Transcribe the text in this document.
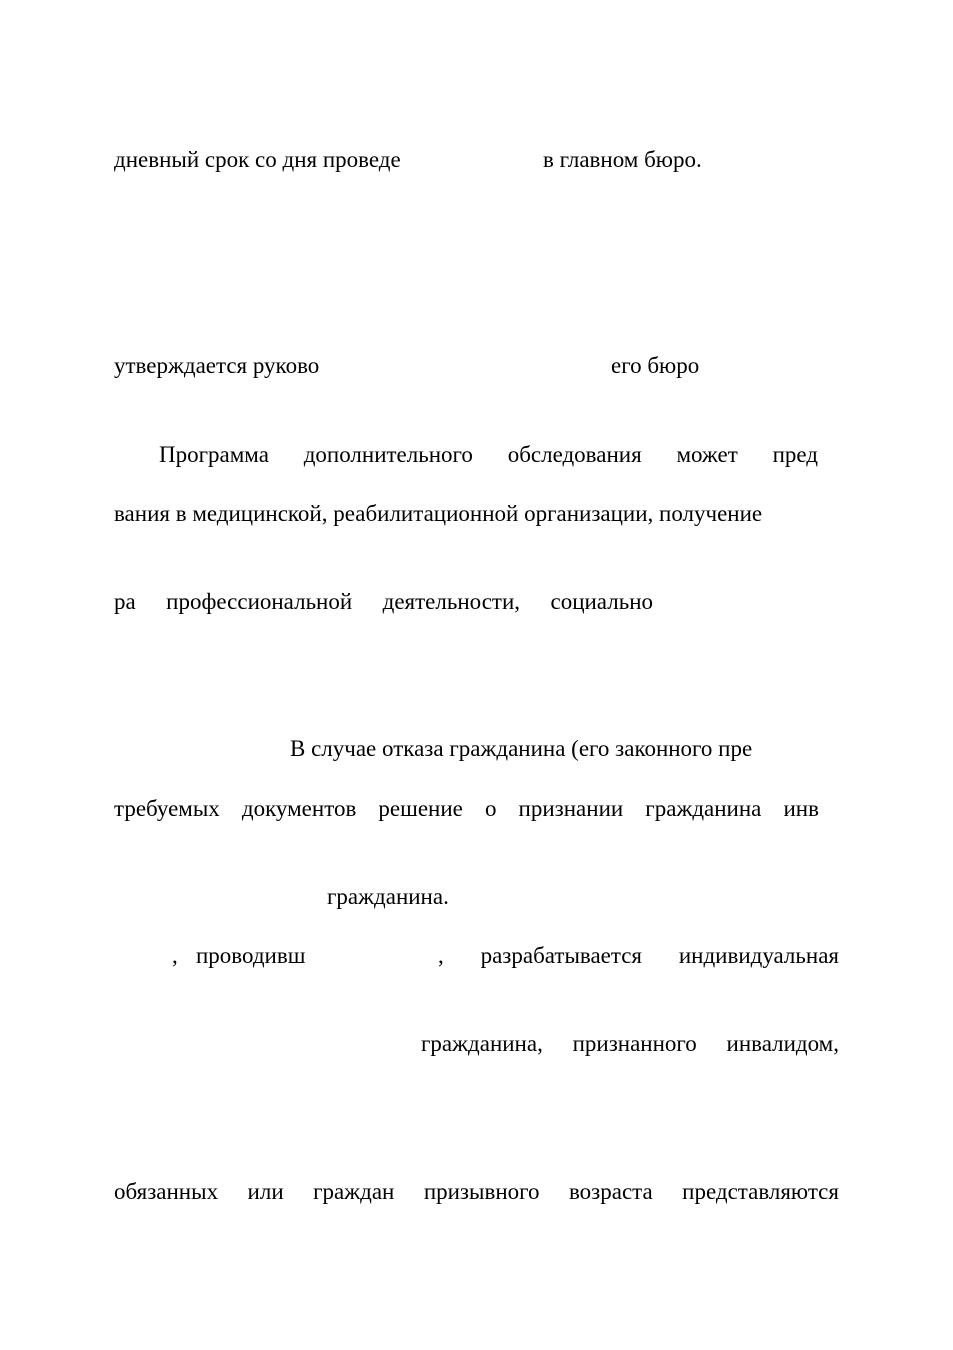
дневный срок со дня проведе	в главном бюро.
утверждается руково	его бюро
Программа дополнительного обследования может пред
вания в медицинской, реабилитационной организации, получение
ра профессиональной деятельности, социально
В случае отказа гражданина (его законного пре
требуемых документов решение о признании гражданина инв
гражданина.
, проводивш	, разрабатывается индивидуальная
гражданина, признанного инвалидом,
обязанных или граждан призывного возраста представляются
